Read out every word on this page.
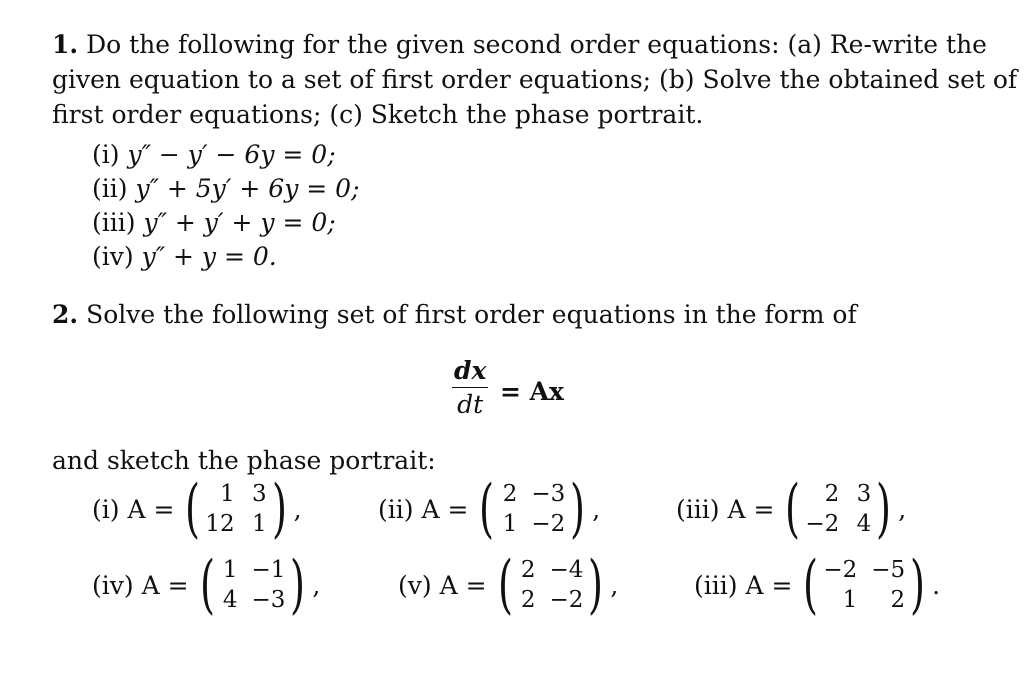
1. Do the following for the given second order equations: (a) Re-write the
given equation to a set of first order equations; (b) Solve the obtained set of
first order equations; (c) Sketch the phase portrait.
(i) y″ − y′ − 6y = 0;
(ii) y″ + 5y′ + 6y = 0;
(iii) y″ + y′ + y = 0;
(iv) y″ + y = 0.
2. Solve the following set of first order equations in the form of
dx
dt = Ax
and sketch the phase portrait:
(i) A = ( 1 3
12 1 ) ,	(ii) A = ( 2 −3
1 −2 ) ,	(iii) A = (	2 3
−2 4 ) ,
(iv) A = ( 1 −1
4 −3 ) ,	(v) A = ( 2 −4
2 −2 ) ,	(iii) A = ( −2 −5
1	2 ) .
